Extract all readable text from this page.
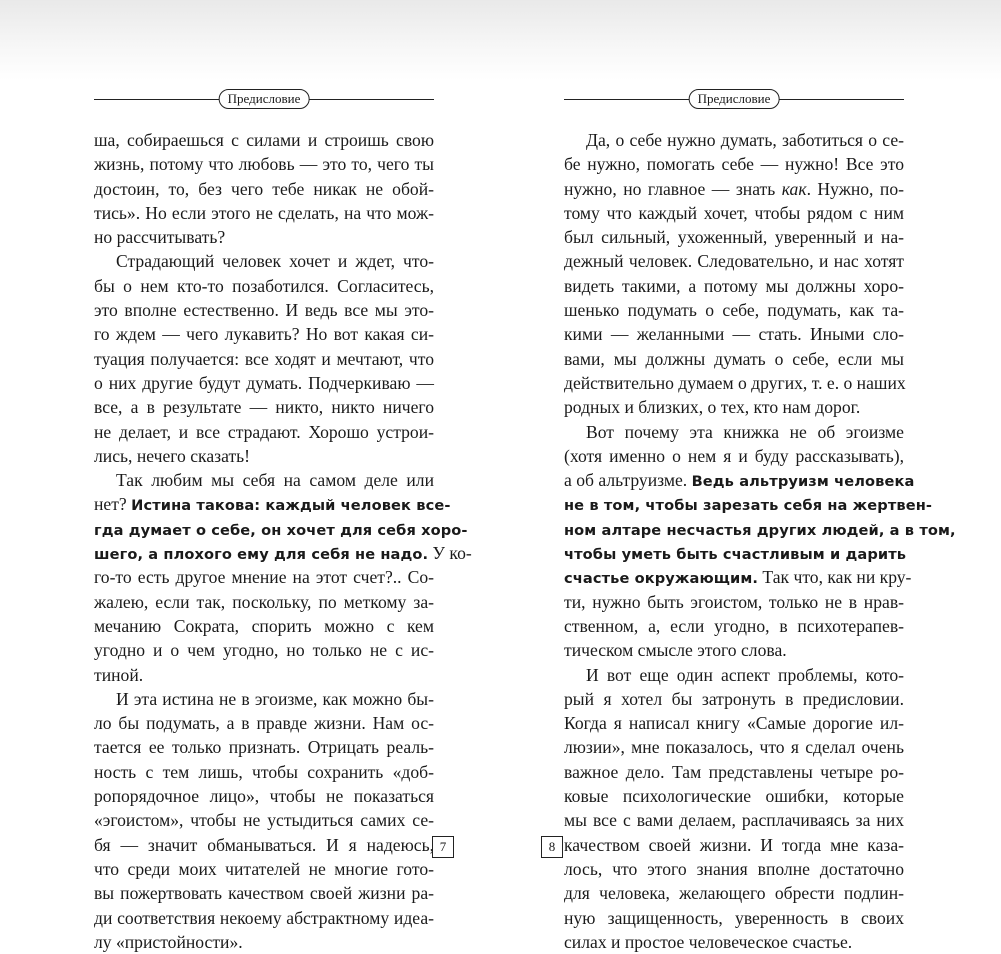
Предисловие
ша, собираешься с силами и строишь свою
жизнь, потому что любовь — это то, чего ты
достоин, то, без чего тебе никак не обой-
тись». Но если этого не сделать, на что мож-
но рассчитывать?
Страдающий человек хочет и ждет, что-
бы о нем кто-то позаботился. Согласитесь,
это вполне естественно. И ведь все мы это-
го ждем — чего лукавить? Но вот какая си-
туация получается: все ходят и мечтают, что
о них другие будут думать. Подчеркиваю —
все, а в результате — никто, никто ничего
не делает, и все страдают. Хорошо устрои-
лись, нечего сказать!
Так любим мы себя на самом деле или
нет? Истина такова: каждый человек все-
гда думает о себе, он хочет для себя хоро-
шего, а плохого ему для себя не надо. У ко-
го-то есть другое мнение на этот счет?.. Со-
жалею, если так, поскольку, по меткому за-
мечанию Сократа, спорить можно с кем
угодно и о чем угодно, но только не с ис-
тиной.
И эта истина не в эгоизме, как можно бы-
ло бы подумать, а в правде жизни. Нам ос-
тается ее только признать. Отрицать реаль-
ность с тем лишь, чтобы сохранить «доб-
ропорядочное лицо», чтобы не показаться
«эгоистом», чтобы не устыдиться самих се-
бя — значит обманываться. И я надеюсь,
что среди моих читателей не многие гото-
вы пожертвовать качеством своей жизни ра-
ди соответствия некоему абстрактному идеа-
лу «пристойности».
7
Предисловие
Да, о себе нужно думать, заботиться о се-
бе нужно, помогать себе — нужно! Все это
нужно, но главное — знать как. Нужно, по-
тому что каждый хочет, чтобы рядом с ним
был сильный, ухоженный, уверенный и на-
дежный человек. Следовательно, и нас хотят
видеть такими, а потому мы должны хоро-
шенько подумать о себе, подумать, как та-
кими — желанными — стать. Иными сло-
вами, мы должны думать о себе, если мы
действительно думаем о других, т. е. о наших
родных и близких, о тех, кто нам дорог.
Вот почему эта книжка не об эгоизме
(хотя именно о нем я и буду рассказывать),
а об альтруизме. Ведь альтруизм человека
не в том, чтобы зарезать себя на жертвен-
ном алтаре несчастья других людей, а в том,
чтобы уметь быть счастливым и дарить
счастье окружающим. Так что, как ни кру-
ти, нужно быть эгоистом, только не в нрав-
ственном, а, если угодно, в психотерапев-
тическом смысле этого слова.
И вот еще один аспект проблемы, кото-
рый я хотел бы затронуть в предисловии.
Когда я написал книгу «Самые дорогие ил-
люзии», мне показалось, что я сделал очень
важное дело. Там представлены четыре ро-
ковые психологические ошибки, которые
мы все с вами делаем, расплачиваясь за них
качеством своей жизни. И тогда мне каза-
лось, что этого знания вполне достаточно
для человека, желающего обрести подлин-
ную защищенность, уверенность в своих
силах и простое человеческое счастье.
8
